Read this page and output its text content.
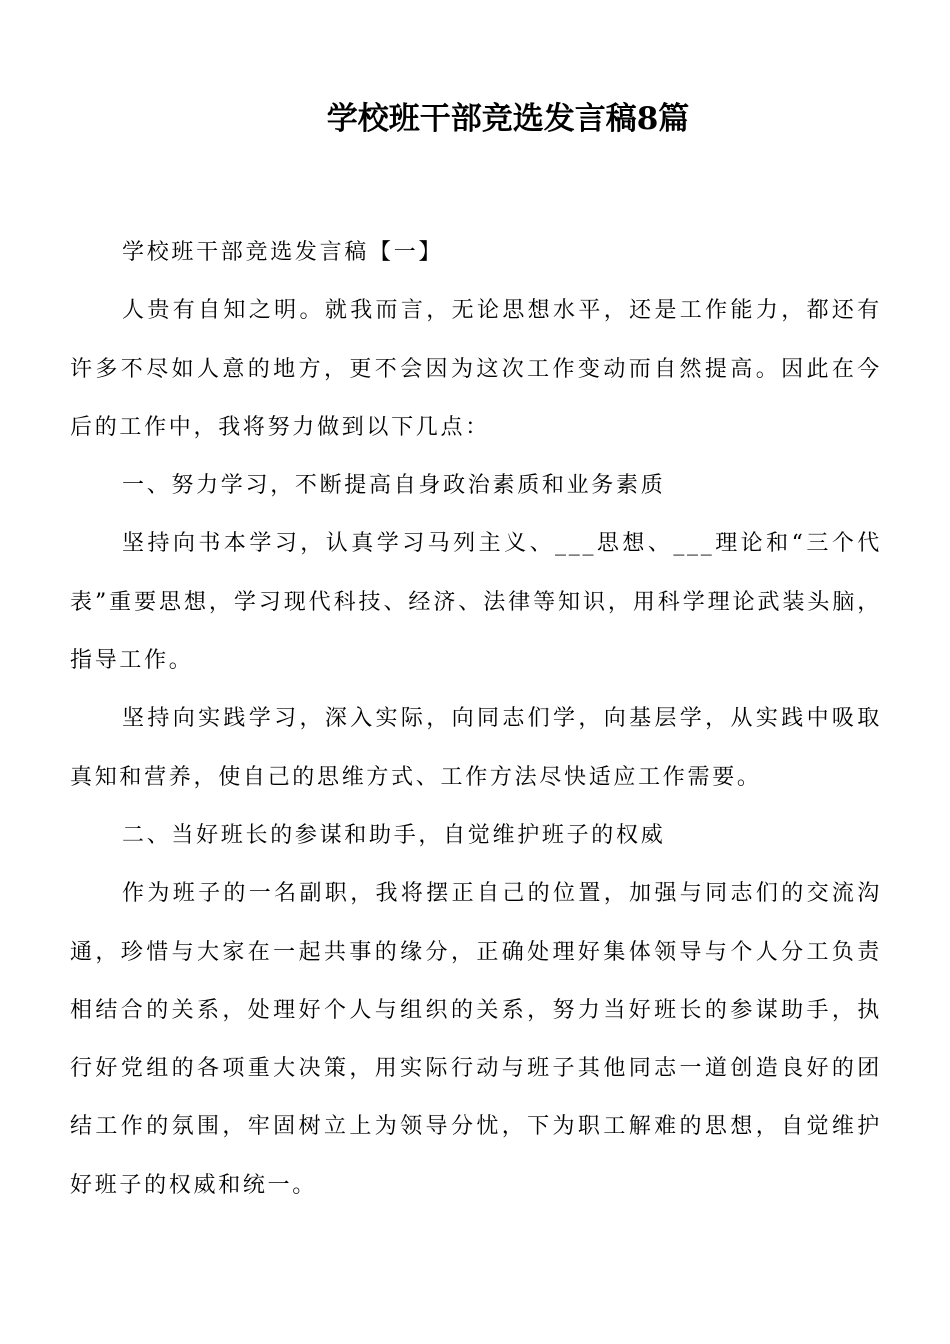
学校班干部竞选发言稿8篇

学校班干部竞选发言稿【一】

人贵有自知之明。就我而言，无论思想水平，还是工作能力，都还有许多不尽如人意的地方，更不会因为这次工作变动而自然提高。因此在今后的工作中，我将努力做到以下几点：

一、努力学习，不断提高自身政治素质和业务素质

坚持向书本学习，认真学习马列主义、___思想、___理论和“三个代表”重要思想，学习现代科技、经济、法律等知识，用科学理论武装头脑，指导工作。

坚持向实践学习，深入实际，向同志们学，向基层学，从实践中吸取真知和营养，使自己的思维方式、工作方法尽快适应工作需要。

二、当好班长的参谋和助手，自觉维护班子的权威

作为班子的一名副职，我将摆正自己的位置，加强与同志们的交流沟通，珍惜与大家在一起共事的缘分，正确处理好集体领导与个人分工负责相结合的关系，处理好个人与组织的关系，努力当好班长的参谋助手，执行好党组的各项重大决策，用实际行动与班子其他同志一道创造良好的团结工作的氛围，牢固树立上为领导分忧，下为职工解难的思想，自觉维护好班子的权威和统一。
